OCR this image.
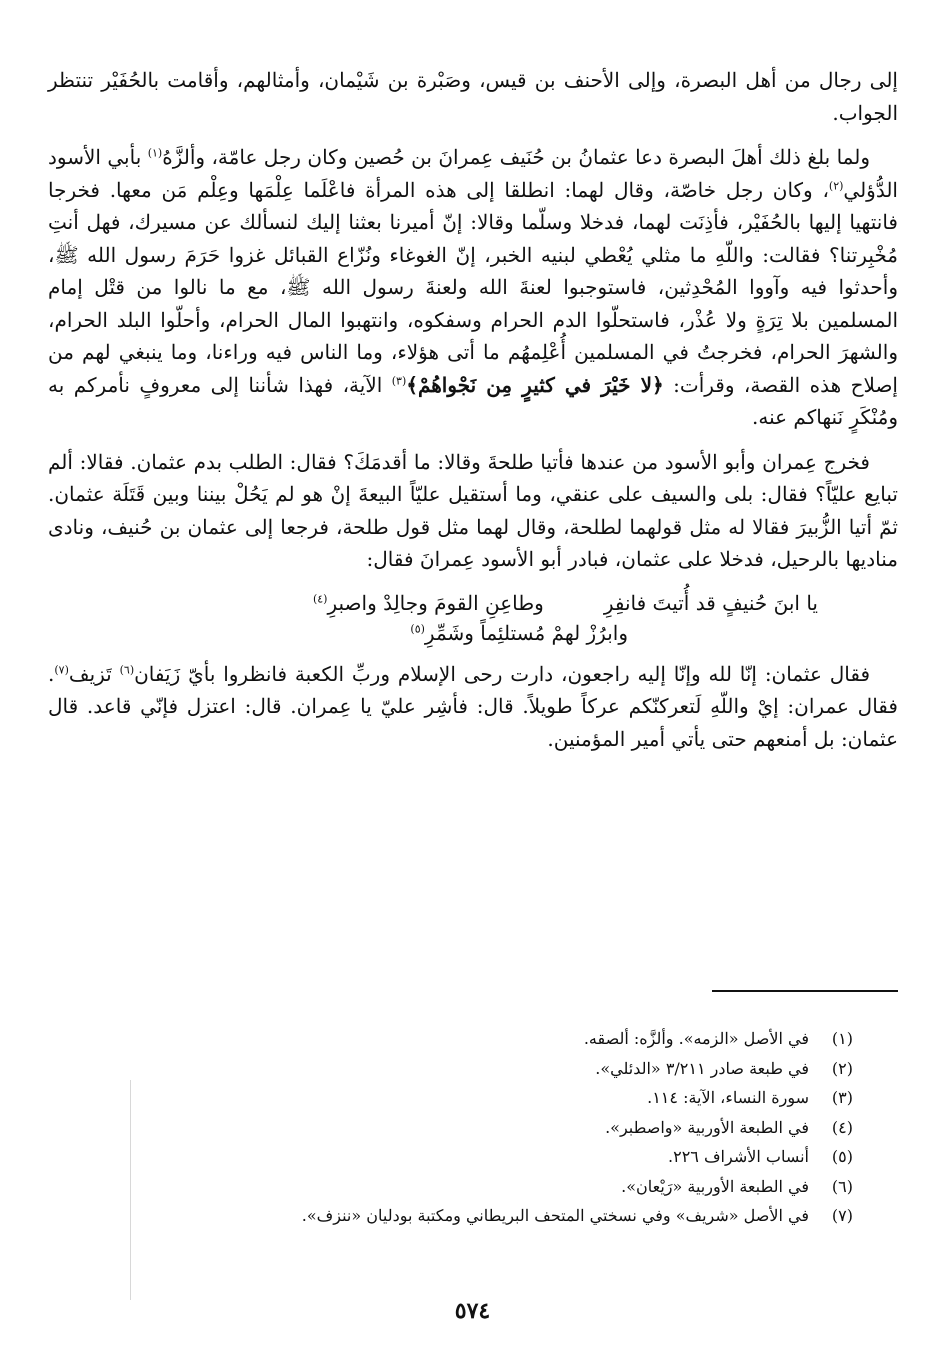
إلى رجال من أهل البصرة، وإلى الأحنف بن قيس، وصَبْرة بن شَيْمان، وأمثالهم، وأقامت بالحُفَيْر تنتظر الجواب.

ولما بلغ ذلك أهلَ البصرة دعا عثمانُ بن حُنَيف عِمرانَ بن حُصين وكان رجل عامّة، وألزَّهُ$^{(١)}$ بأبي الأسود الدُّؤلي$^{(٢)}$، وكان رجل خاصّة، وقال لهما: انطلقا إلى هذه المرأة فاعْلَما عِلْمَها وعِلْم مَن معها. فخرجا فانتهيا إليها بالحُفَيْر، فأذِنَت لهما، فدخلا وسلّما وقالا: إنّ أميرنا بعثنا إليك لنسألك عن مسيرك، فهل أنتِ مُخْبِرتنا؟ فقالت: واللّهِ ما مثلي يُعْطي لبنيه الخبر، إنّ الغوغاء ونُزّاع القبائل غزوا حَرَمَ رسول الله ﷺ، وأحدثوا فيه وآووا المُحْدِثين، فاستوجبوا لعنةَ الله ولعنةَ رسول الله ﷺ، مع ما نالوا من قتْل إمام المسلمين بلا تِرَةٍ ولا عُذْر، فاستحلّوا الدم الحرام وسفكوه، وانتهبوا المال الحرام، وأحلّوا البلد الحرام، والشهرَ الحرام، فخرجتُ في المسلمين أُعْلِمهُم ما أتى هؤلاء، وما الناس فيه وراءنا، وما ينبغي لهم من إصلاح هذه القصة، وقرأت: ﴿لا خَيْرَ في كثيرٍ مِن نَجْواهُمْ﴾$^{(٣)}$ الآية، فهذا شأننا إلى معروفٍ نأمركم به ومُنْكَرٍ نَنهاكم عنه.

فخرج عِمران وأبو الأسود من عندها فأتيا طلحةَ وقالا: ما أقدمَكَ؟ فقال: الطلب بدم عثمان. فقالا: ألم تبايع عليّاً؟ فقال: بلى والسيف على عنقي، وما أستقيل عليّاً البيعةَ إنْ هو لم يَحُلْ بيننا وبين قَتَلَة عثمان. ثمّ أتيا الزُّبيرَ فقالا له مثل قولهما لطلحة، وقال لهما مثل قول طلحة، فرجعا إلى عثمان بن حُنيف، ونادى مناديها بالرحيل، فدخلا على عثمان، فبادر أبو الأسود عِمرانَ فقال:

يا ابنَ حُنيفٍ قد أُتيتَ فانفِرِ
وطاعِنِ القومَ وجالِدْ واصبرِ$^{(٤)}$
وابرُزْ لهمْ مُستلئِماً وشَمِّرِ$^{(٥)}$

فقال عثمان: إنّا لله وإنّا إليه راجعون، دارت رحى الإسلام وربِّ الكعبة فانظروا بأيّ زَيَفان$^{(٦)}$ تَزيف$^{(٧)}$. فقال عمران: إيْ واللّهِ لَتعركنّكم عركاً طويلاً. قال: فأشِر عليّ يا عِمران. قال: اعتزل فإنّي قاعد. قال عثمان: بل أمنعهم حتى يأتي أمير المؤمنين.

(١)
في الأصل «الزمه». وألزَّه: ألصقه.
(٢)
في طبعة صادر ٣/٢١١ «الدئلي».
(٣)
سورة النساء، الآية: ١١٤.
(٤)
في الطبعة الأوربية «واصطبر».
(٥)
أنساب الأشراف ٢٢٦.
(٦)
في الطبعة الأوربية «رَيْعان».
(٧)
في الأصل «شريف» وفي نسختي المتحف البريطاني ومكتبة بودليان «ننزف».
٥٧٤
